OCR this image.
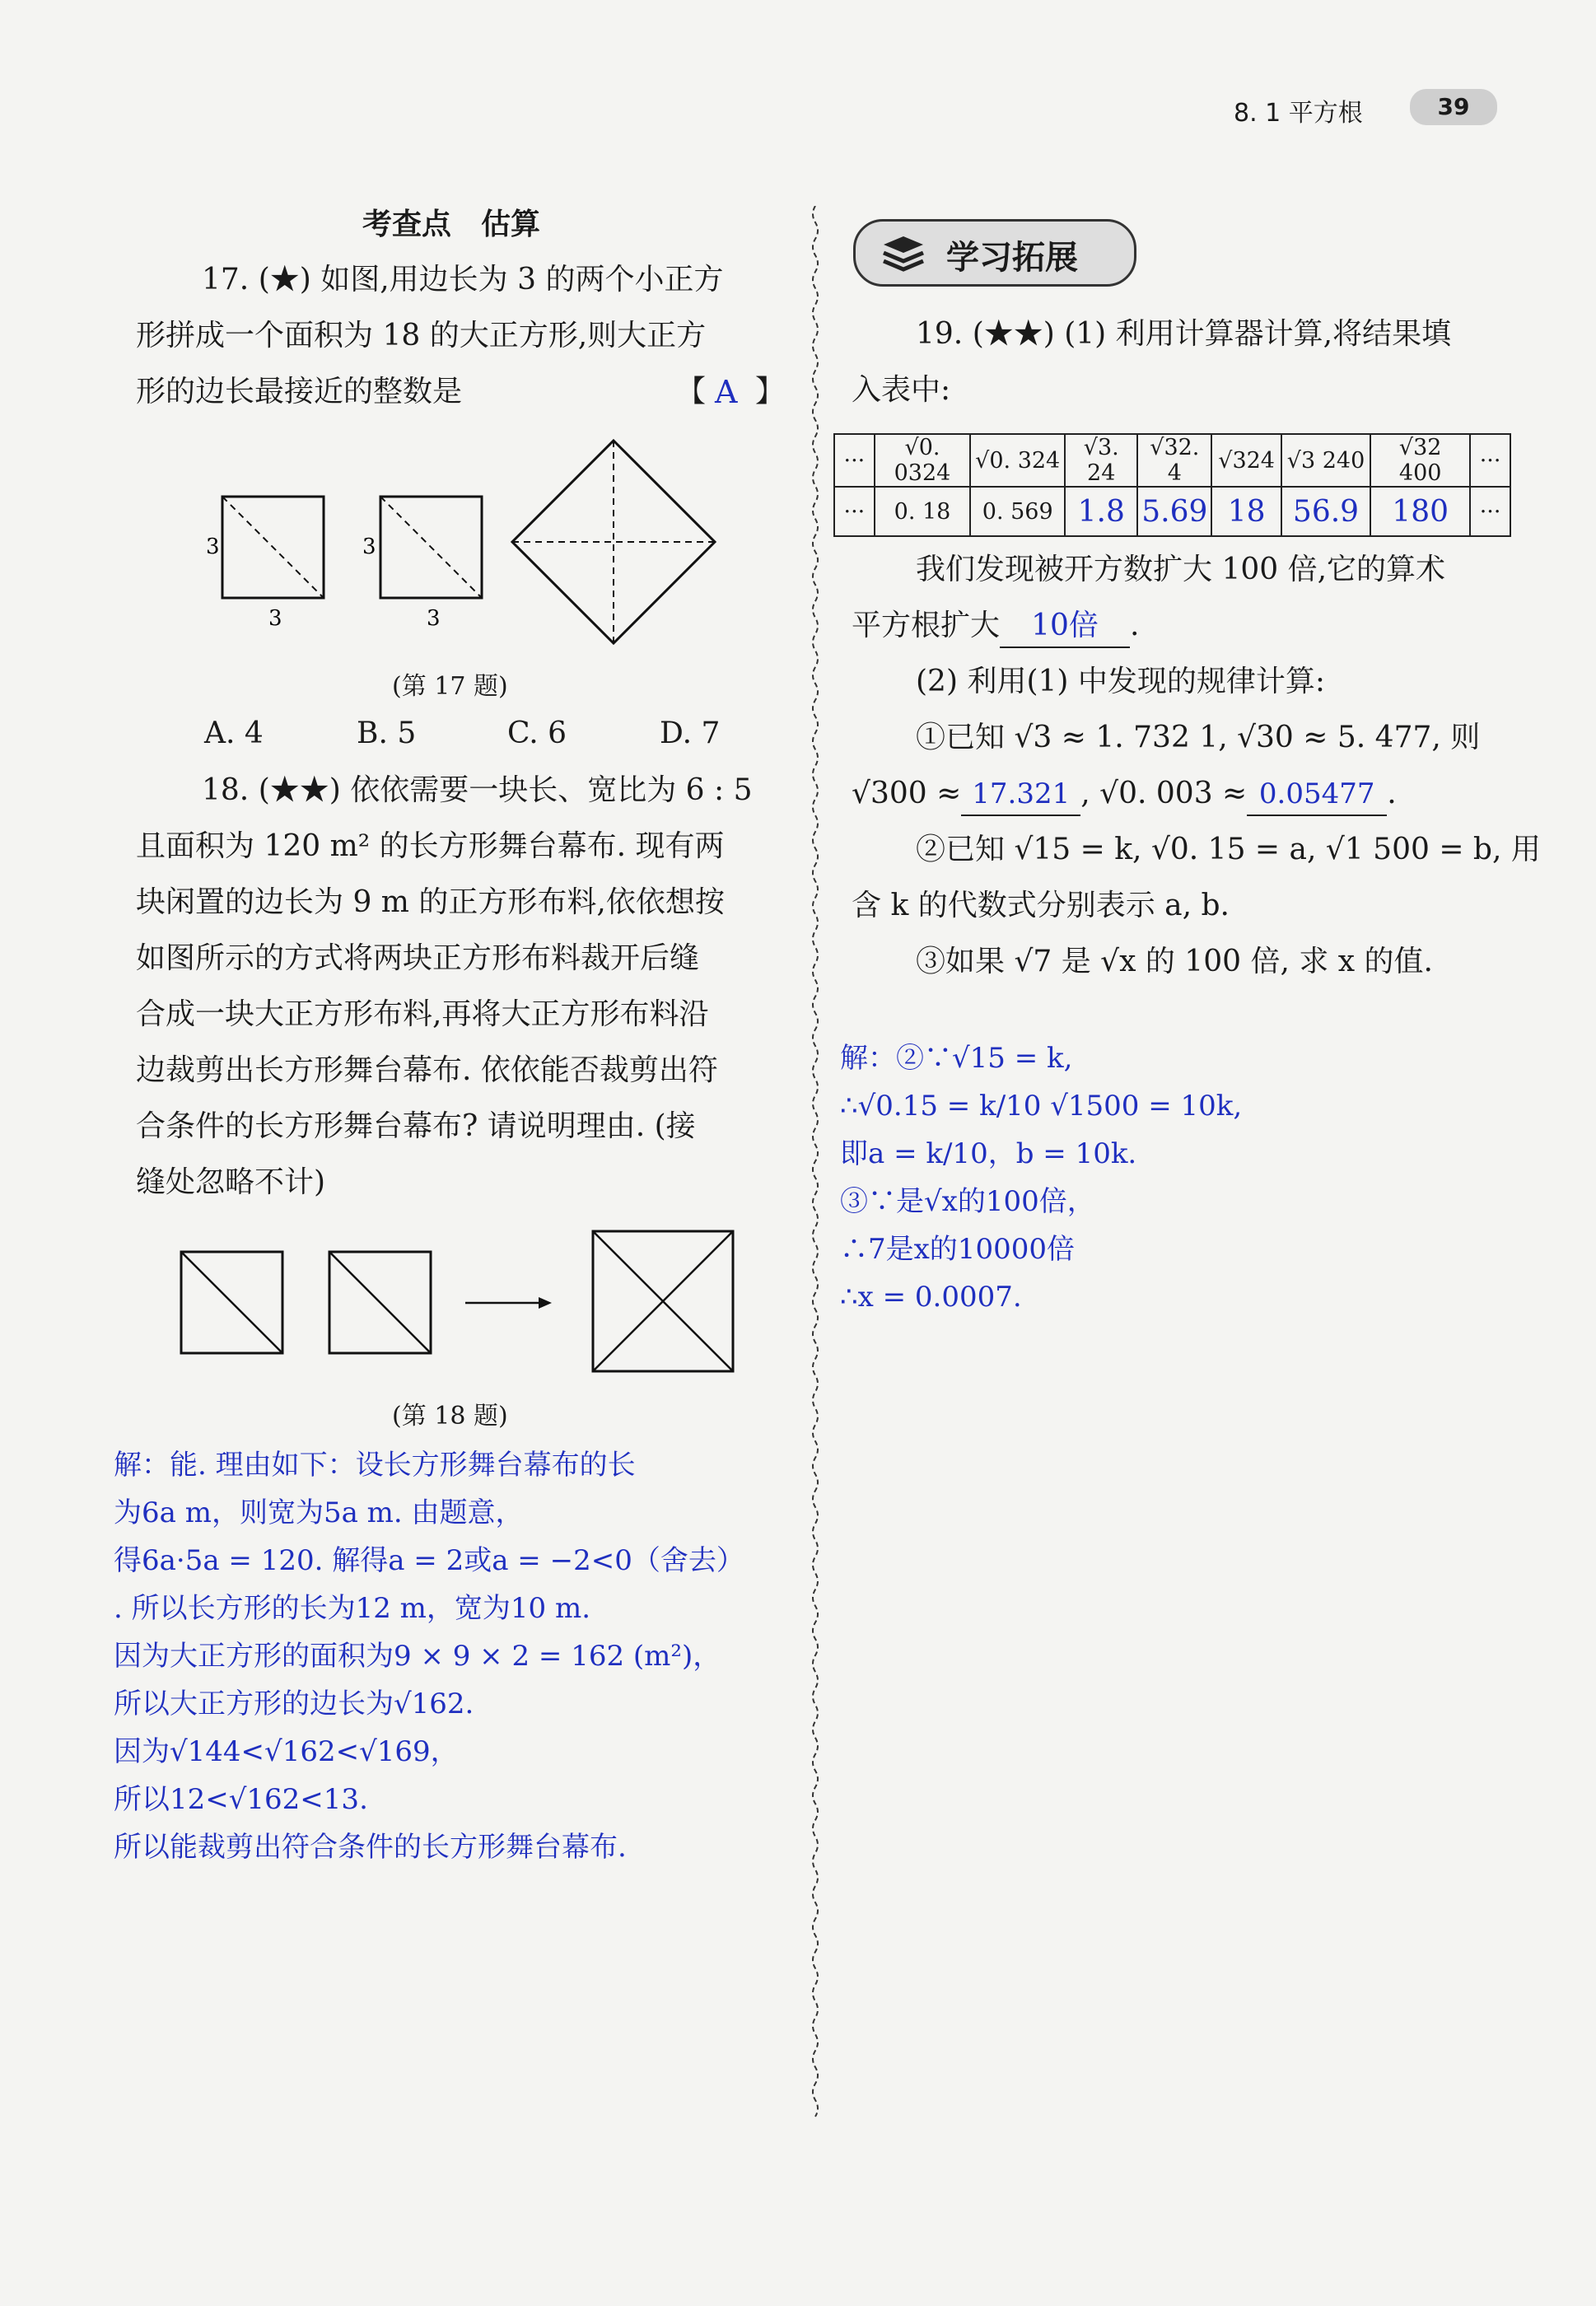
8. 1 平方根	39
考查点　估算
17. (★) 如图,用边长为 3 的两个小正方
形拼成一个面积为 18 的大正方形,则大正方
形的边长最接近的整数是	【 A 】
3
3
3
3
(第 17 题)
A. 4	B. 5	C. 6	D. 7
18. (★★) 依依需要一块长、宽比为 6 : 5
且面积为 120 m² 的长方形舞台幕布. 现有两
块闲置的边长为 9 m 的正方形布料,依依想按
如图所示的方式将两块正方形布料裁开后缝
合成一块大正方形布料,再将大正方形布料沿
边裁剪出长方形舞台幕布. 依依能否裁剪出符
合条件的长方形舞台幕布? 请说明理由. (接
缝处忽略不计)
(第 18 题)
解：能. 理由如下：设长方形舞台幕布的长
为6a m，则宽为5a m. 由题意，
得6a·5a = 120. 解得a = 2或a = −2<0（舍去）
. 所以长方形的长为12 m，宽为10 m.
因为大正方形的面积为9 × 9 × 2 = 162 (m²)，
所以大正方形的边长为√162.
因为√144<√162<√169，
所以12<√162<13.
所以能裁剪出符合条件的长方形舞台幕布.
学习拓展
19. (★★) (1) 利用计算器计算,将结果填
入表中:
···	√0. 0324	√0. 324	√3. 24	√32. 4	√324	√3 240	√32 400	···
···	0. 18	0. 569	1.8	5.69	18	56.9	180	···
我们发现被开方数扩大 100 倍,它的算术
平方根扩大 10倍 .
(2) 利用(1) 中发现的规律计算:
①已知 √3 ≈ 1. 732 1, √30 ≈ 5. 477, 则
√300 ≈ 17.321 , √0. 003 ≈ 0.05477 .
②已知 √15 = k, √0. 15 = a, √1 500 = b, 用
含 k 的代数式分别表示 a, b.
③如果 √7 是 √x 的 100 倍, 求 x 的值.
解：②∵√15 = k,
∴√0.15 = k/10 √1500 = 10k,
即a = k/10，b = 10k.
③∵是√x的100倍，
∴7是x的10000倍
∴x = 0.0007.
